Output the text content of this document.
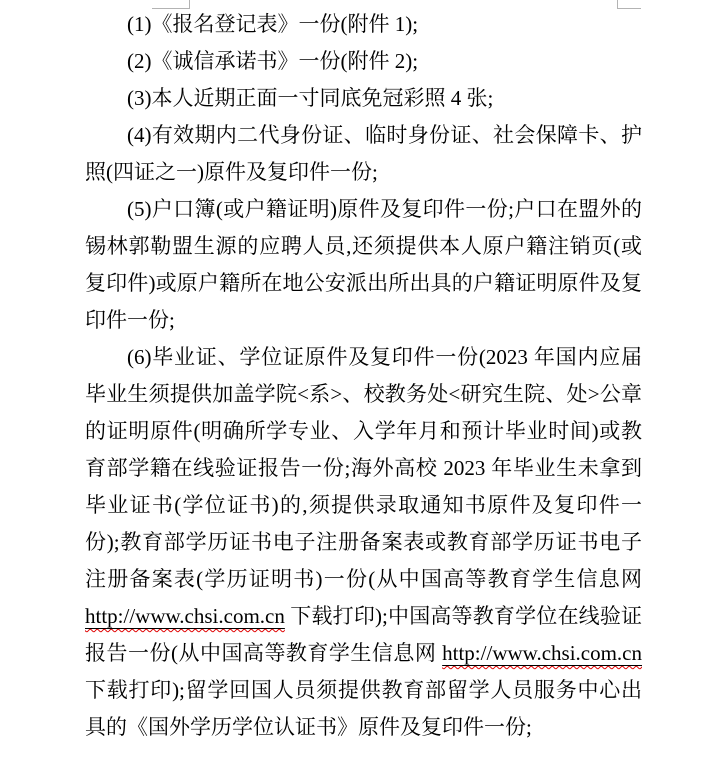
(1)《报名登记表》一份(附件 1);

(2)《诚信承诺书》一份(附件 2);

(3)本人近期正面一寸同底免冠彩照 4 张;

(4)有效期内二代身份证、临时身份证、社会保障卡、护照(四证之一)原件及复印件一份;

(5)户口簿(或户籍证明)原件及复印件一份;户口在盟外的锡林郭勒盟生源的应聘人员,还须提供本人原户籍注销页(或复印件)或原户籍所在地公安派出所出具的户籍证明原件及复印件一份;

(6)毕业证、学位证原件及复印件一份(2023 年国内应届毕业生须提供加盖学院<系>、校教务处<研究生院、处>公章的证明原件(明确所学专业、入学年月和预计毕业时间)或教育部学籍在线验证报告一份;海外高校 2023 年毕业生未拿到毕业证书(学位证书)的,须提供录取通知书原件及复印件一份);教育部学历证书电子注册备案表或教育部学历证书电子注册备案表(学历证明书)一份(从中国高等教育学生信息网 http://www.chsi.com.cn 下载打印);中国高等教育学位在线验证报告一份(从中国高等教育学生信息网 http://www.chsi.com.cn 下载打印);留学回国人员须提供教育部留学人员服务中心出具的《国外学历学位认证书》原件及复印件一份;
